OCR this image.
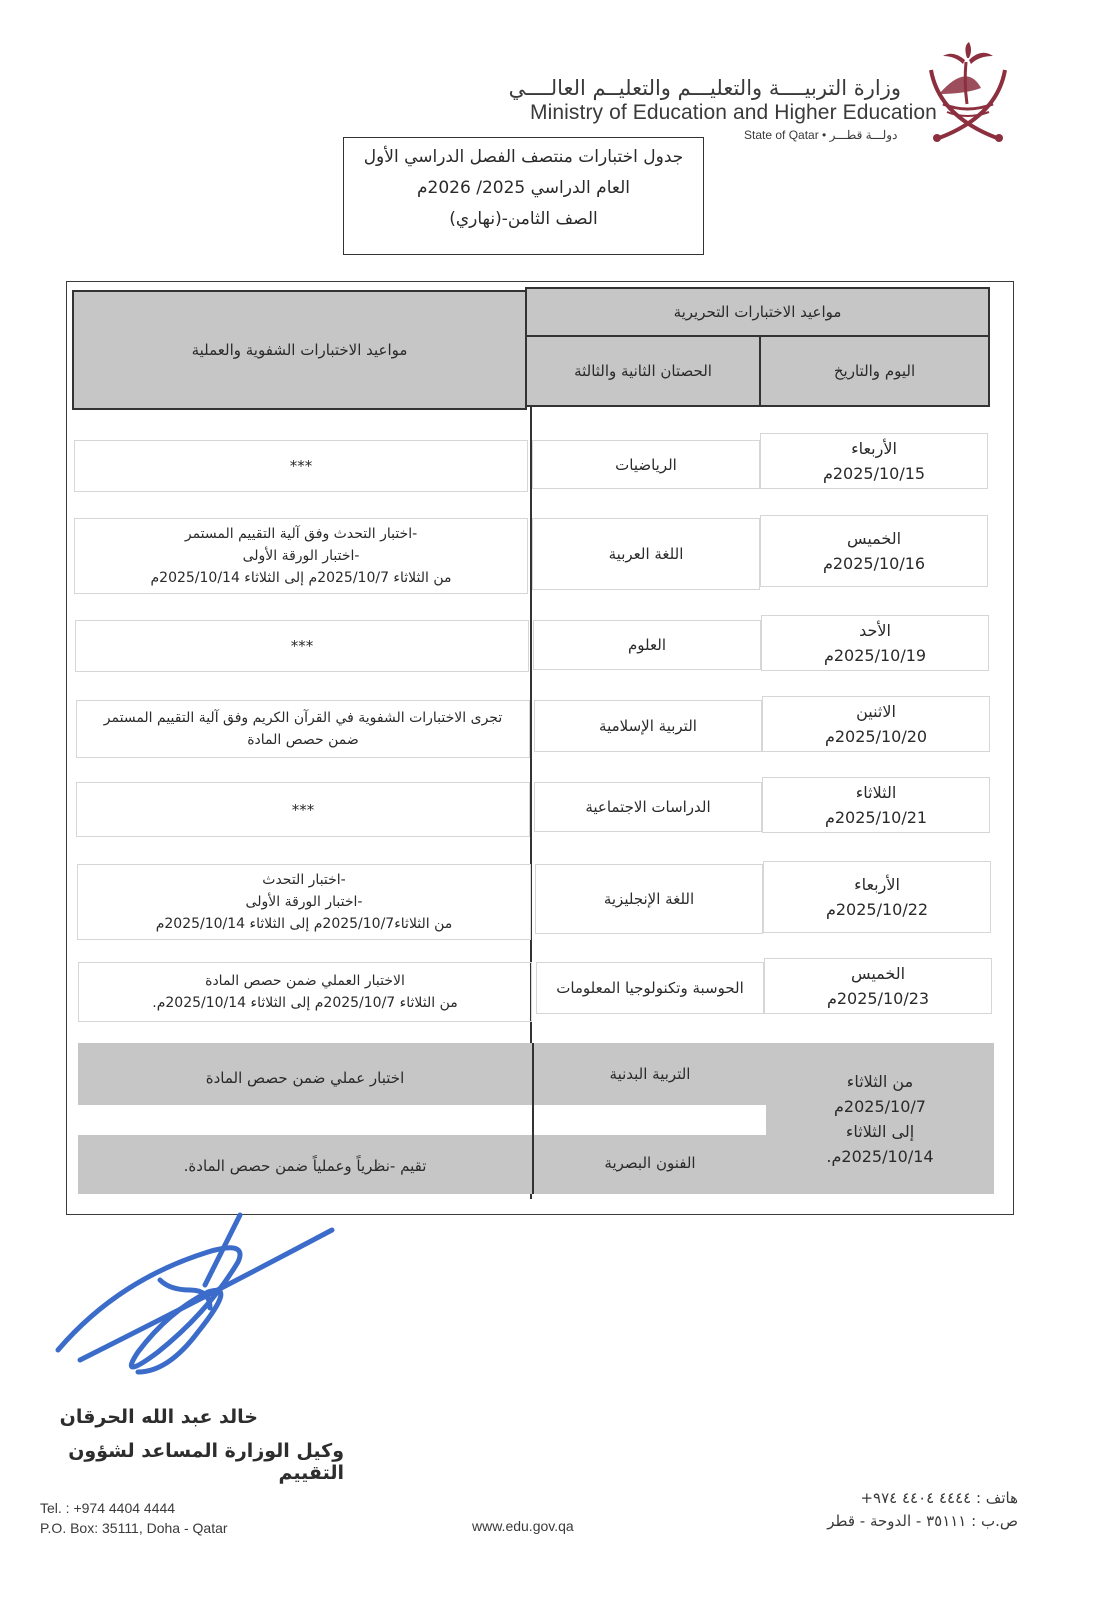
وزارة التربيــــة والتعليـــم والتعليــم العالــــي
Ministry of Education and Higher Education
State of Qatar • دولـــة قطـــر
جدول اختبارات منتصف الفصل الدراسي الأول
العام الدراسي 2025/ 2026م
الصف الثامن-(نهاري)
مواعيد الاختبارات التحريرية
اليوم والتاريخ
الحصتان الثانية والثالثة
مواعيد الاختبارات الشفوية والعملية
الأربعاء
2025/10/15م
الرياضيات
***
الخميس
2025/10/16م
اللغة العربية
-اختبار التحدث وفق آلية التقييم المستمر
-اختبار الورقة الأولى
من الثلاثاء 2025/10/7م إلى الثلاثاء 2025/10/14م
الأحد
2025/10/19م
العلوم
***
الاثنين
2025/10/20م
التربية الإسلامية
تجرى الاختبارات الشفوية في القرآن الكريم وفق آلية التقييم المستمر
ضمن حصص المادة
الثلاثاء
2025/10/21م
الدراسات الاجتماعية
***
الأربعاء
2025/10/22م
اللغة الإنجليزية
-اختبار التحدث
-اختبار الورقة الأولى
من الثلاثاء2025/10/7م إلى الثلاثاء 2025/10/14م
الخميس
2025/10/23م
الحوسبة وتكنولوجيا المعلومات
الاختبار العملي ضمن حصص المادة
من الثلاثاء 2025/10/7م إلى الثلاثاء 2025/10/14م.
من الثلاثاء
2025/10/7م
إلى الثلاثاء
2025/10/14م.
التربية البدنية
اختبار عملي ضمن حصص المادة
الفنون البصرية
تقيم -نظرياً وعملياً ضمن حصص المادة.
خالد عبد الله الحرقان
وكيل الوزارة المساعد لشؤون التقييم
Tel. : +974 4404 4444
P.O. Box: 35111, Doha - Qatar	www.edu.gov.qa
هاتف : ٤٤٤٤ ٤٤٠٤ ٩٧٤+
ص.ب : ٣٥١١١ - الدوحة - قطر
